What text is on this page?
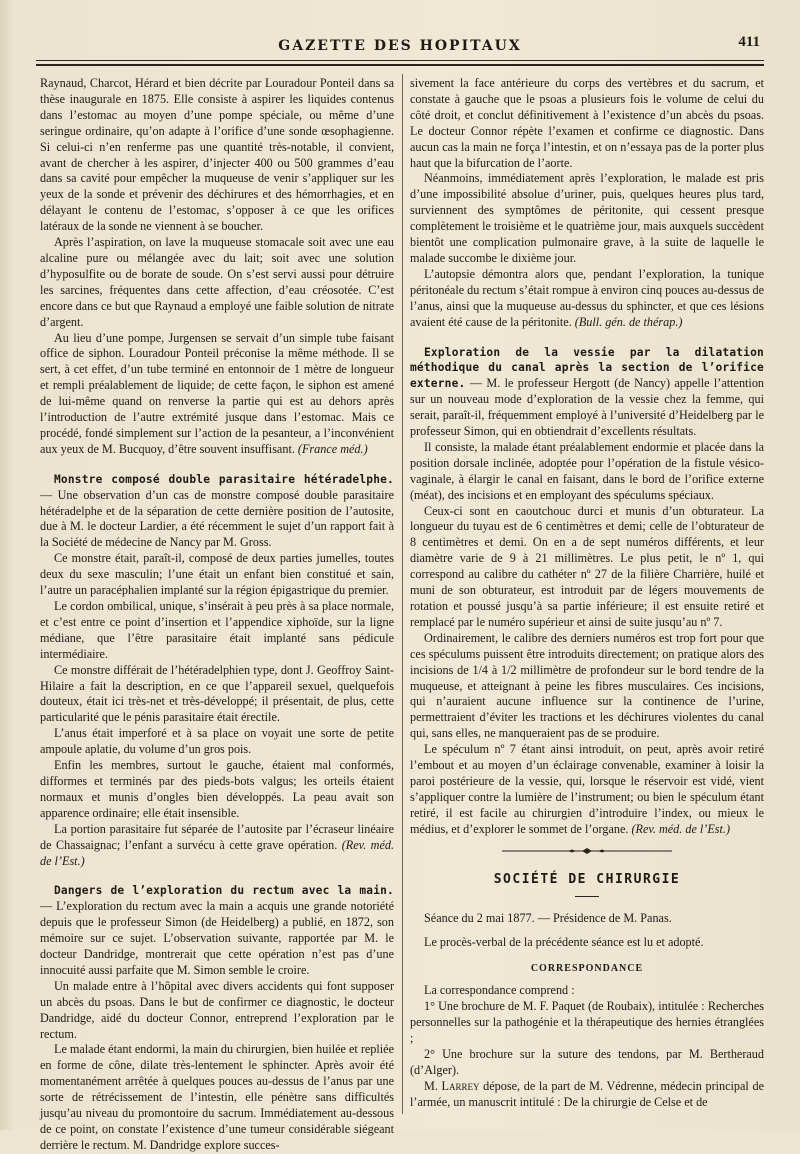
GAZETTE DES HOPITAUX	411

Raynaud, Charcot, Hérard et bien décrite par Louradour Ponteil dans sa thèse inaugurale en 1875. Elle consiste à aspirer les liquides contenus dans l’estomac au moyen d’une pompe spéciale, ou même d’une seringue ordinaire, qu’on adapte à l’orifice d’une sonde œsophagienne. Si celui-ci n’en renferme pas une quantité très-notable, il convient, avant de chercher à les aspirer, d’injecter 400 ou 500 grammes d’eau dans sa cavité pour empêcher la muqueuse de venir s’appliquer sur les yeux de la sonde et prévenir des déchirures et des hémorrhagies, et en délayant le contenu de l’estomac, s’opposer à ce que les orifices latéraux de la sonde ne viennent à se boucher.

Après l’aspiration, on lave la muqueuse stomacale soit avec une eau alcaline pure ou mélangée avec du lait; soit avec une solution d’hyposulfite ou de borate de soude. On s’est servi aussi pour détruire les sarcines, fréquentes dans cette affection, d’eau créosotée. C’est encore dans ce but que Raynaud a employé une faible solution de nitrate d’argent.

Au lieu d’une pompe, Jurgensen se servait d’un simple tube faisant office de siphon. Louradour Ponteil préconise la même méthode. Il se sert, à cet effet, d’un tube terminé en entonnoir de 1 mètre de longueur et rempli préalablement de liquide; de cette façon, le siphon est amené de lui-même quand on renverse la partie qui est au dehors après l’introduction de l’autre extrémité jusque dans l’estomac. Mais ce procédé, fondé simplement sur l’action de la pesanteur, a l’inconvénient aux yeux de M. Bucquoy, d’être souvent insuffisant. (France méd.)

Monstre composé double parasitaire hétéradelphe. — Une observation d’un cas de monstre composé double parasitaire hétéradelphe et de la séparation de cette dernière position de l’autosite, due à M. le docteur Lardier, a été récemment le sujet d’un rapport fait à la Société de médecine de Nancy par M. Gross.

Ce monstre était, paraît-il, composé de deux parties jumelles, toutes deux du sexe masculin; l’une était un enfant bien constitué et sain, l’autre un paracéphalien implanté sur la région épigastrique du premier.

Le cordon ombilical, unique, s’insérait à peu près à sa place normale, et c’est entre ce point d’insertion et l’appendice xiphoïde, sur la ligne médiane, que l’être parasitaire était implanté sans pédicule intermédiaire.

Ce monstre différait de l’hétéradelphien type, dont J. Geoffroy Saint-Hilaire a fait la description, en ce que l’appareil sexuel, quelquefois douteux, était ici très-net et très-développé; il présentait, de plus, cette particularité que le pénis parasitaire était érectile.

L’anus était imperforé et à sa place on voyait une sorte de petite ampoule aplatie, du volume d’un gros pois.

Enfin les membres, surtout le gauche, étaient mal conformés, difformes et terminés par des pieds-bots valgus; les orteils étaient normaux et munis d’ongles bien développés. La peau avait son apparence ordinaire; elle était insensible.

La portion parasitaire fut séparée de l’autosite par l’écraseur linéaire de Chassaignac; l’enfant a survécu à cette grave opération. (Rev. méd. de l’Est.)

Dangers de l’exploration du rectum avec la main. — L’exploration du rectum avec la main a acquis une grande notoriété depuis que le professeur Simon (de Heidelberg) a publié, en 1872, son mémoire sur ce sujet. L’observation suivante, rapportée par M. le docteur Dandridge, montrerait que cette opération n’est pas d’une innocuité aussi parfaite que M. Simon semble le croire.

Un malade entre à l’hôpital avec divers accidents qui font supposer un abcès du psoas. Dans le but de confirmer ce diagnostic, le docteur Dandridge, aidé du docteur Connor, entreprend l’exploration par le rectum.

Le malade étant endormi, la main du chirurgien, bien huilée et repliée en forme de cône, dilate très-lentement le sphincter. Après avoir été momentanément arrêtée à quelques pouces au-dessus de l’anus par une sorte de rétrécissement de l’intestin, elle pénètre sans difficultés jusqu’au niveau du promontoire du sacrum. Immédiatement au-dessous de ce point, on constate l’existence d’une tumeur considérable siégeant derrière le rectum. M. Dandridge explore succes-

sivement la face antérieure du corps des vertèbres et du sacrum, et constate à gauche que le psoas a plusieurs fois le volume de celui du côté droit, et conclut définitivement à l’existence d’un abcès du psoas. Le docteur Connor répète l’examen et confirme ce diagnostic. Dans aucun cas la main ne força l’intestin, et on n’essaya pas de la porter plus haut que la bifurcation de l’aorte.

Néanmoins, immédiatement après l’exploration, le malade est pris d’une impossibilité absolue d’uriner, puis, quelques heures plus tard, surviennent des symptômes de péritonite, qui cessent presque complètement le troisième et le quatrième jour, mais auxquels succèdent bientôt une complication pulmonaire grave, à la suite de laquelle le malade succombe le dixième jour.

L’autopsie démontra alors que, pendant l’exploration, la tunique péritonéale du rectum s’était rompue à environ cinq pouces au-dessus de l’anus, ainsi que la muqueuse au-dessus du sphincter, et que ces lésions avaient été cause de la péritonite. (Bull. gén. de thérap.)

Exploration de la vessie par la dilatation méthodique du canal après la section de l’orifice externe. — M. le professeur Hergott (de Nancy) appelle l’attention sur un nouveau mode d’exploration de la vessie chez la femme, qui serait, paraît-il, fréquemment employé à l’université d’Heidelberg par le professeur Simon, qui en obtiendrait d’excellents résultats.

Il consiste, la malade étant préalablement endormie et placée dans la position dorsale inclinée, adoptée pour l’opération de la fistule vésico-vaginale, à élargir le canal en faisant, dans le bord de l’orifice externe (méat), des incisions et en employant des spéculums spéciaux.

Ceux-ci sont en caoutchouc durci et munis d’un obturateur. La longueur du tuyau est de 6 centimètres et demi; celle de l’obturateur de 8 centimètres et demi. On en a de sept numéros différents, et leur diamètre varie de 9 à 21 millimètres. Le plus petit, le nº 1, qui correspond au calibre du cathéter nº 27 de la filière Charrière, huilé et muni de son obturateur, est introduit par de légers mouvements de rotation et poussé jusqu’à sa partie inférieure; il est ensuite retiré et remplacé par le numéro supérieur et ainsi de suite jusqu’au nº 7.

Ordinairement, le calibre des derniers numéros est trop fort pour que ces spéculums puissent être introduits directement; on pratique alors des incisions de 1/4 à 1/2 millimètre de profondeur sur le bord tendre de la muqueuse, et atteignant à peine les fibres musculaires. Ces incisions, qui n’auraient aucune influence sur la continence de l’urine, permettraient d’éviter les tractions et les déchirures violentes du canal qui, sans elles, ne manqueraient pas de se produire.

Le spéculum nº 7 étant ainsi introduit, on peut, après avoir retiré l’embout et au moyen d’un éclairage convenable, examiner à loisir la paroi postérieure de la vessie, qui, lorsque le réservoir est vidé, vient s’appliquer contre la lumière de l’instrument; ou bien le spéculum étant retiré, il est facile au chirurgien d’introduire l’index, ou mieux le médius, et d’explorer le sommet de l’organe. (Rev. méd. de l’Est.)

SOCIÉTÉ DE CHIRURGIE

Séance du 2 mai 1877. — Présidence de M. Panas.

Le procès-verbal de la précédente séance est lu et adopté.

CORRESPONDANCE

La correspondance comprend :

1° Une brochure de M. F. Paquet (de Roubaix), intitulée : Recherches personnelles sur la pathogénie et la thérapeutique des hernies étranglées ;

2° Une brochure sur la suture des tendons, par M. Bertheraud (d’Alger).

M. Larrey dépose, de la part de M. Védrenne, médecin principal de l’armée, un manuscrit intitulé : De la chirurgie de Celse et de
